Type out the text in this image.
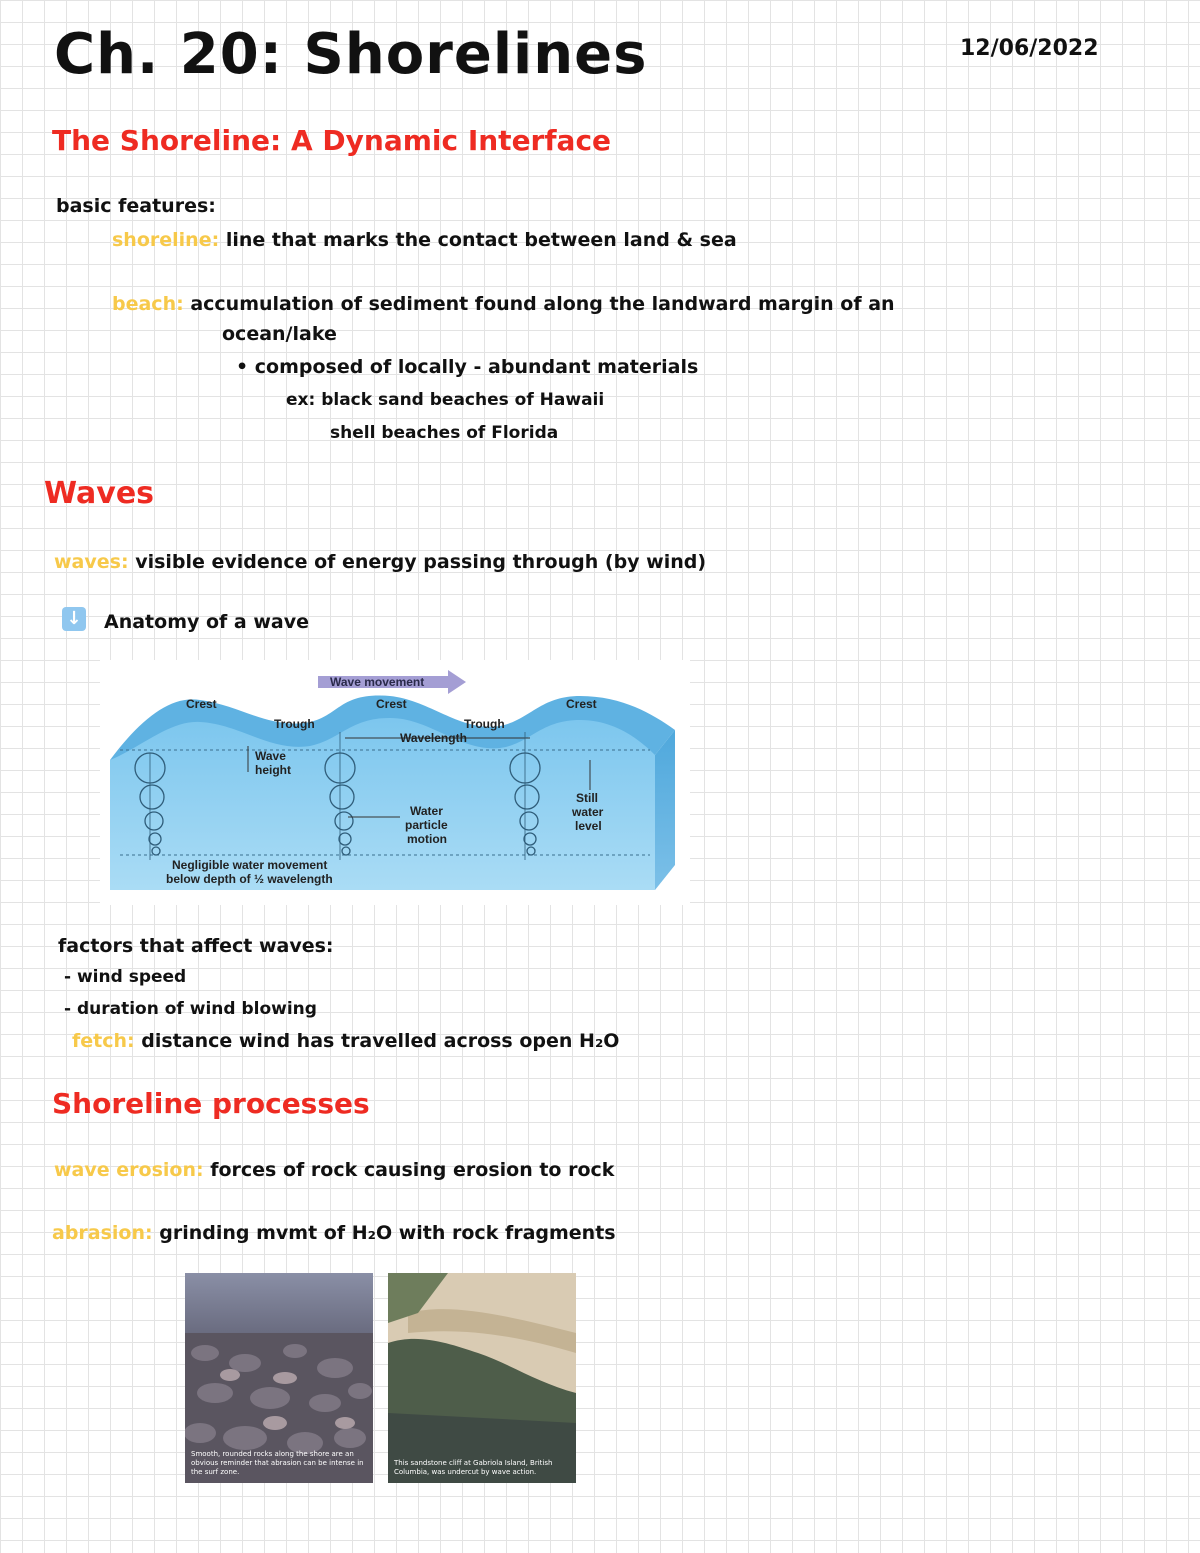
Ch. 20: Shorelines	12/06/2022
The Shoreline: A Dynamic Interface
basic features:
shoreline: line that marks the contact between land & sea
beach: accumulation of sediment found along the landward margin of an
ocean/lake
• composed of locally - abundant materials
ex: black sand beaches of Hawaii
shell beaches of Florida
Waves
waves: visible evidence of energy passing through (by wind)
↓ Anatomy of a wave
Wave movement
Crest	Crest	Crest
Trough	Trough
Wavelength
Wave
height
Water
particle
motion
Still
water
level
Negligible water movement
below depth of ½ wavelength
factors that affect waves:
- wind speed
- duration of wind blowing
fetch: distance wind has travelled across open H₂O
Shoreline processes
wave erosion: forces of rock causing erosion to rock
abrasion: grinding mvmt of H₂O with rock fragments
Smooth, rounded rocks along the shore are an obvious reminder that abrasion can be intense in the surf zone.
This sandstone cliff at Gabriola Island, British Columbia, was undercut by wave action.
